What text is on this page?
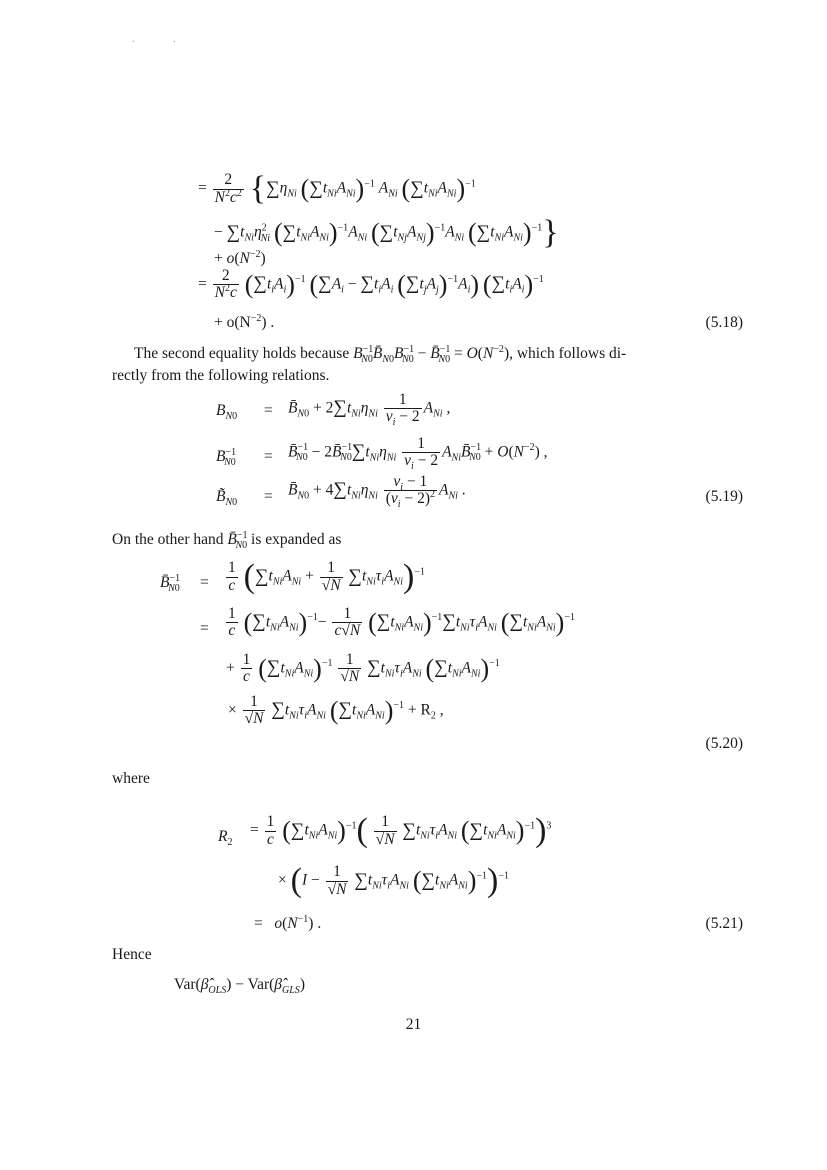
. .
= $\frac{2}{N^2c^2} \{\sum\eta_{Ni}$ $(\sum t_{Ni}A_{Ni})^{-1}$ $A_{Ni}$ $(\sum t_{Ni}A_{Ni})^{-1}$
− $\sum t_{Ni}\eta^2_{Ni}$ $(\sum t_{Ni}A_{Ni})^{-1}A_{Ni}$ $(\sum t_{Nj}A_{Nj})^{-1}A_{Ni}$ $(\sum t_{Ni}A_{Ni})^{-1}$}
+ $o(N^{-2})$
= $\frac{2}{N^2c} (\sum t_iA_i)^{-1}$ ($\sum A_i - \sum t_iA_i$ $(\sum t_jA_j)^{-1}A_i$) $(\sum t_iA_i)^{-1}$
+ $o(N^{-2})$ .	(5.18)
The second equality holds because $B^{-1}_{N0}B̄_{N0}B^{-1}_{N0}$ − B̄$^{-1}_{N0}$ = $O(N^{-2})$, which follows di-
rectly from the following relations.
$B_{N0}$ = $B̄_{N0} + 2\sum t_{Ni}\eta_{Ni} \frac{1}{\nu_i - 2} A_{Ni}$ ,
$B^{-1}_{N0}$ = B̄$^{-1}_{N0}$ − $2B̄^{-1}_{N0}\sum t_{Ni}\eta_{Ni} \frac{1}{\nu_i - 2}$ $A_{Ni}B̄^{-1}_{N0} + O(N^{-2})$ ,
$B̃_{N0}$ = $B̄_{N0} + 4\sum t_{Ni}\eta_{Ni} \frac{\nu_i - 1}{(\nu_i - 2)^2} A_{Ni}$ .	(5.19)
On the other hand B̄$^{-1}_{N0}$ is expanded as
B̄$^{-1}_{N0}$ = $\frac{1}{c} (\sum t_{Ni}A_{Ni} + \frac{1}{√N} \sum t_{Ni}\tau_iA_{Ni})^{-1}$
= $\frac{1}{c} (\sum t_{Ni}A_{Ni})^{-1}- \frac{1}{c√N} (\sum t_{Ni}A_{Ni})^{-1}\sum t_{Ni}\tau_iA_{Ni}$ $(\sum t_{Ni}A_{Ni})^{-1}$
+ $\frac{1}{c} (\sum t_{Ni}A_{Ni})^{-1} \frac{1}{√N} \sum t_{Ni}\tau_iA_{Ni}$ $(\sum t_{Ni}A_{Ni})^{-1}$
× $\frac{1}{√N} \sum t_{Ni}\tau_iA_{Ni}$ $(\sum t_{Ni}A_{Ni})^{-1} + R_2$ ,
(5.20)
where
$R_2$
= $\frac{1}{c} (\sum t_{Ni}A_{Ni})^{-1}( \frac{1}{√N} \sum t_{Ni}\tau_iA_{Ni}$ $(\sum t_{Ni}A_{Ni})^{-1})^3$
× ($I - \frac{1}{√N} \sum t_{Ni}\tau_iA_{Ni}$ $(\sum t_{Ni}A_{Ni})^{-1})^{-1}$
=   $o(N^{-1})$ .	(5.21)
Hence
$Var(\betâ_{OLS})$ − $Var(\betâ_{GLS})$
21
